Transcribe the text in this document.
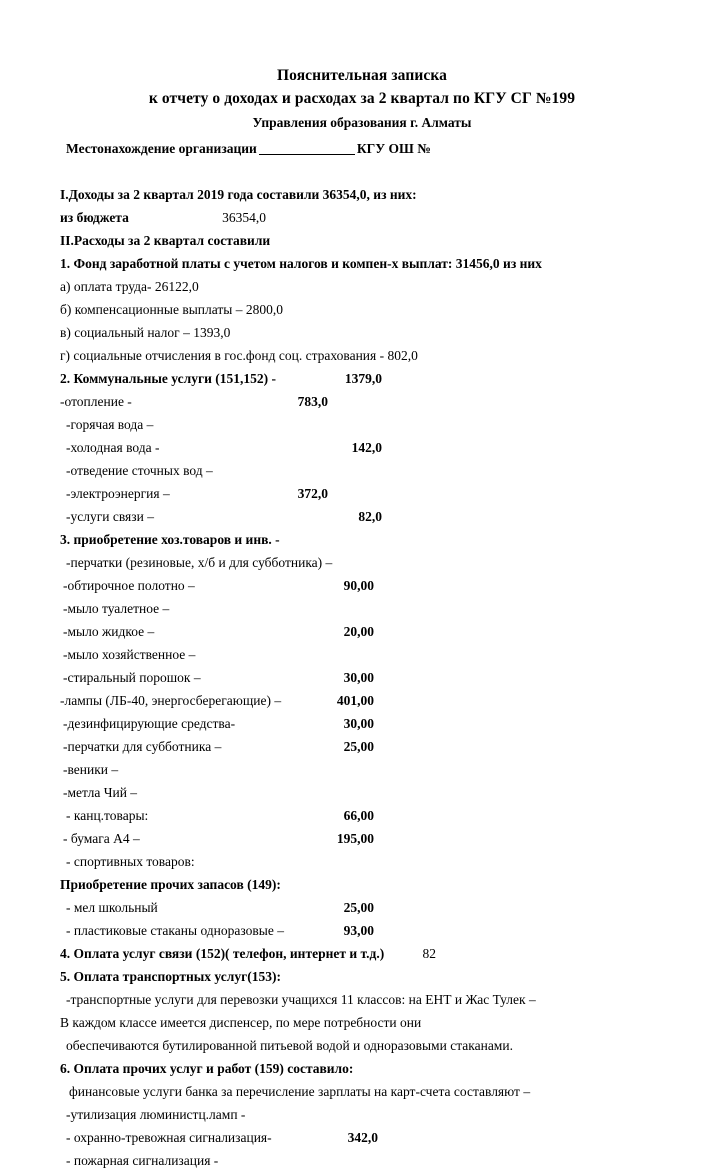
Пояснительная записка
к отчету о доходах и расходах за 2 квартал по КГУ СГ №199
Управления образования г. Алматы
Местонахождение организации	КГУ ОШ №
I.Доходы за 2 квартал 2019 года составили 36354,0, из них:
из бюджета	36354,0
II.Расходы за 2 квартал составили
1. Фонд заработной платы с учетом налогов и компен-х выплат: 31456,0 из них
а) оплата труда- 26122,0
б) компенсационные выплаты – 2800,0
в) социальный налог – 1393,0
г) социальные отчисления в гос.фонд соц. страхования - 802,0
2. Коммунальные услуги (151,152) -	1379,0
-отопление -	783,0
-горячая вода –
-холодная вода -	142,0
-отведение сточных вод –
-электроэнергия –	372,0
-услуги связи –	82,0
3. приобретение хоз.товаров и инв. -
-перчатки (резиновые, х/б и для субботника) –
-обтирочное полотно –	90,00
-мыло туалетное –
-мыло жидкое –	20,00
-мыло хозяйственное –
-стиральный порошок –	30,00
-лампы (ЛБ-40, энергосберегающие) –	401,00
-дезинфицирующие средства-	30,00
-перчатки для субботника –	25,00
-веники –
-метла Чий –
- канц.товары:	66,00
- бумага А4 –	195,00
- спортивных товаров:
Приобретение прочих запасов (149):
- мел школьный	25,00
- пластиковые стаканы одноразовые –	93,00
4. Оплата услуг связи (152)( телефон, интернет и т.д.)	82
5. Оплата транспортных услуг(153):
-транспортные услуги для перевозки учащихся 11 классов: на ЕНТ и Жас Тулек –
В каждом классе имеется диспенсер, по мере потребности они
обеспечиваются бутилированной питьевой водой и одноразовыми стаканами.
6. Оплата прочих услуг и работ (159) составило:
финансовые услуги банка за перечисление зарплаты на карт-счета составляют –
-утилизация люминистц.ламп -
- охранно-тревожная сигнализация-	342,0
- пожарная сигнализация -
